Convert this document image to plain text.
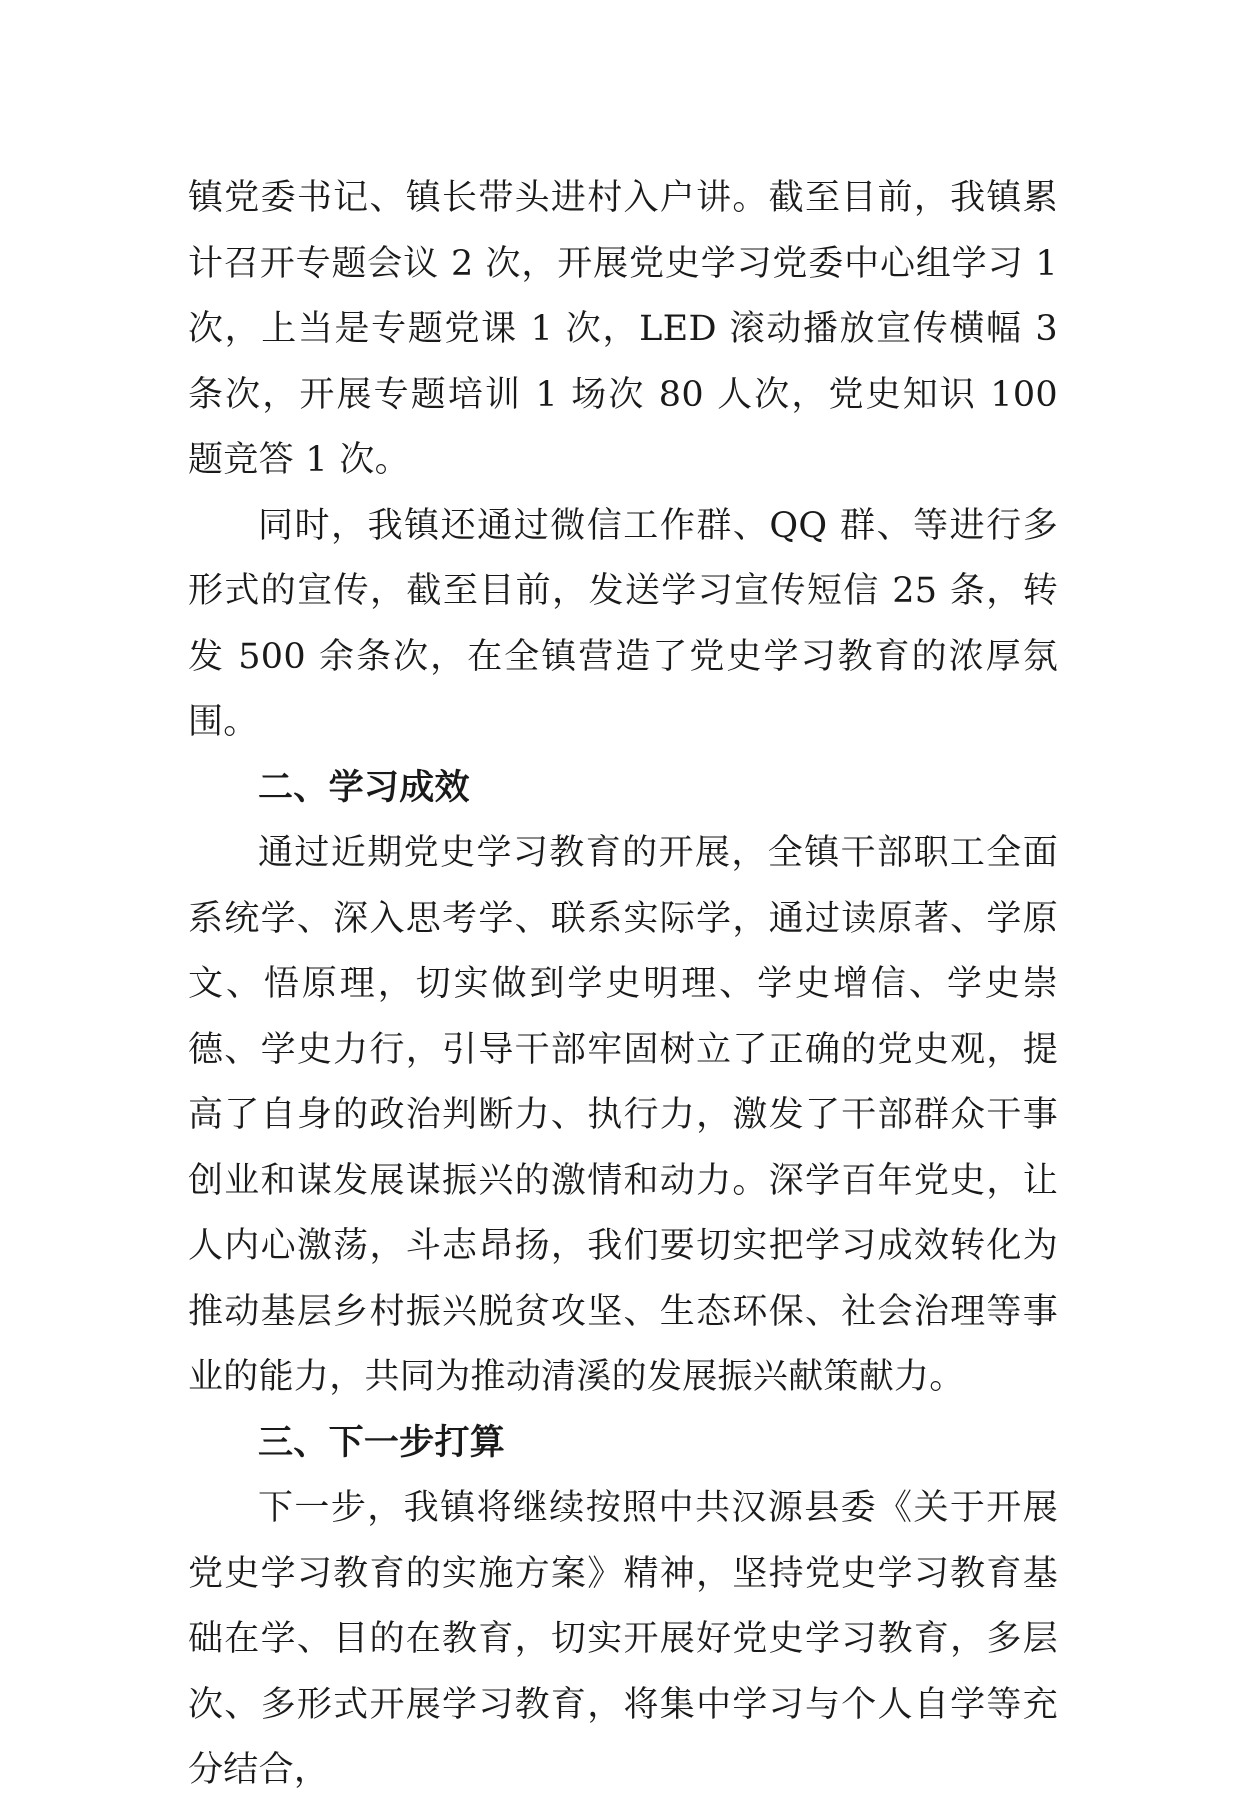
镇党委书记、镇长带头进村入户讲。截至目前，我镇累计召开专题会议 2 次，开展党史学习党委中心组学习 1 次，上当是专题党课 1 次，LED 滚动播放宣传横幅 3 条次，开展专题培训 1 场次 80 人次，党史知识 100 题竞答 1 次。

同时，我镇还通过微信工作群、QQ 群、等进行多形式的宣传，截至目前，发送学习宣传短信 25 条，转发 500 余条次，在全镇营造了党史学习教育的浓厚氛围。

二、学习成效

通过近期党史学习教育的开展，全镇干部职工全面系统学、深入思考学、联系实际学，通过读原著、学原文、悟原理，切实做到学史明理、学史增信、学史崇德、学史力行，引导干部牢固树立了正确的党史观，提高了自身的政治判断力、执行力，激发了干部群众干事创业和谋发展谋振兴的激情和动力。深学百年党史，让人内心激荡，斗志昂扬，我们要切实把学习成效转化为推动基层乡村振兴脱贫攻坚、生态环保、社会治理等事业的能力，共同为推动清溪的发展振兴献策献力。

三、下一步打算

下一步，我镇将继续按照中共汉源县委《关于开展党史学习教育的实施方案》精神，坚持党史学习教育基础在学、目的在教育，切实开展好党史学习教育，多层次、多形式开展学习教育，将集中学习与个人自学等充分结合，
